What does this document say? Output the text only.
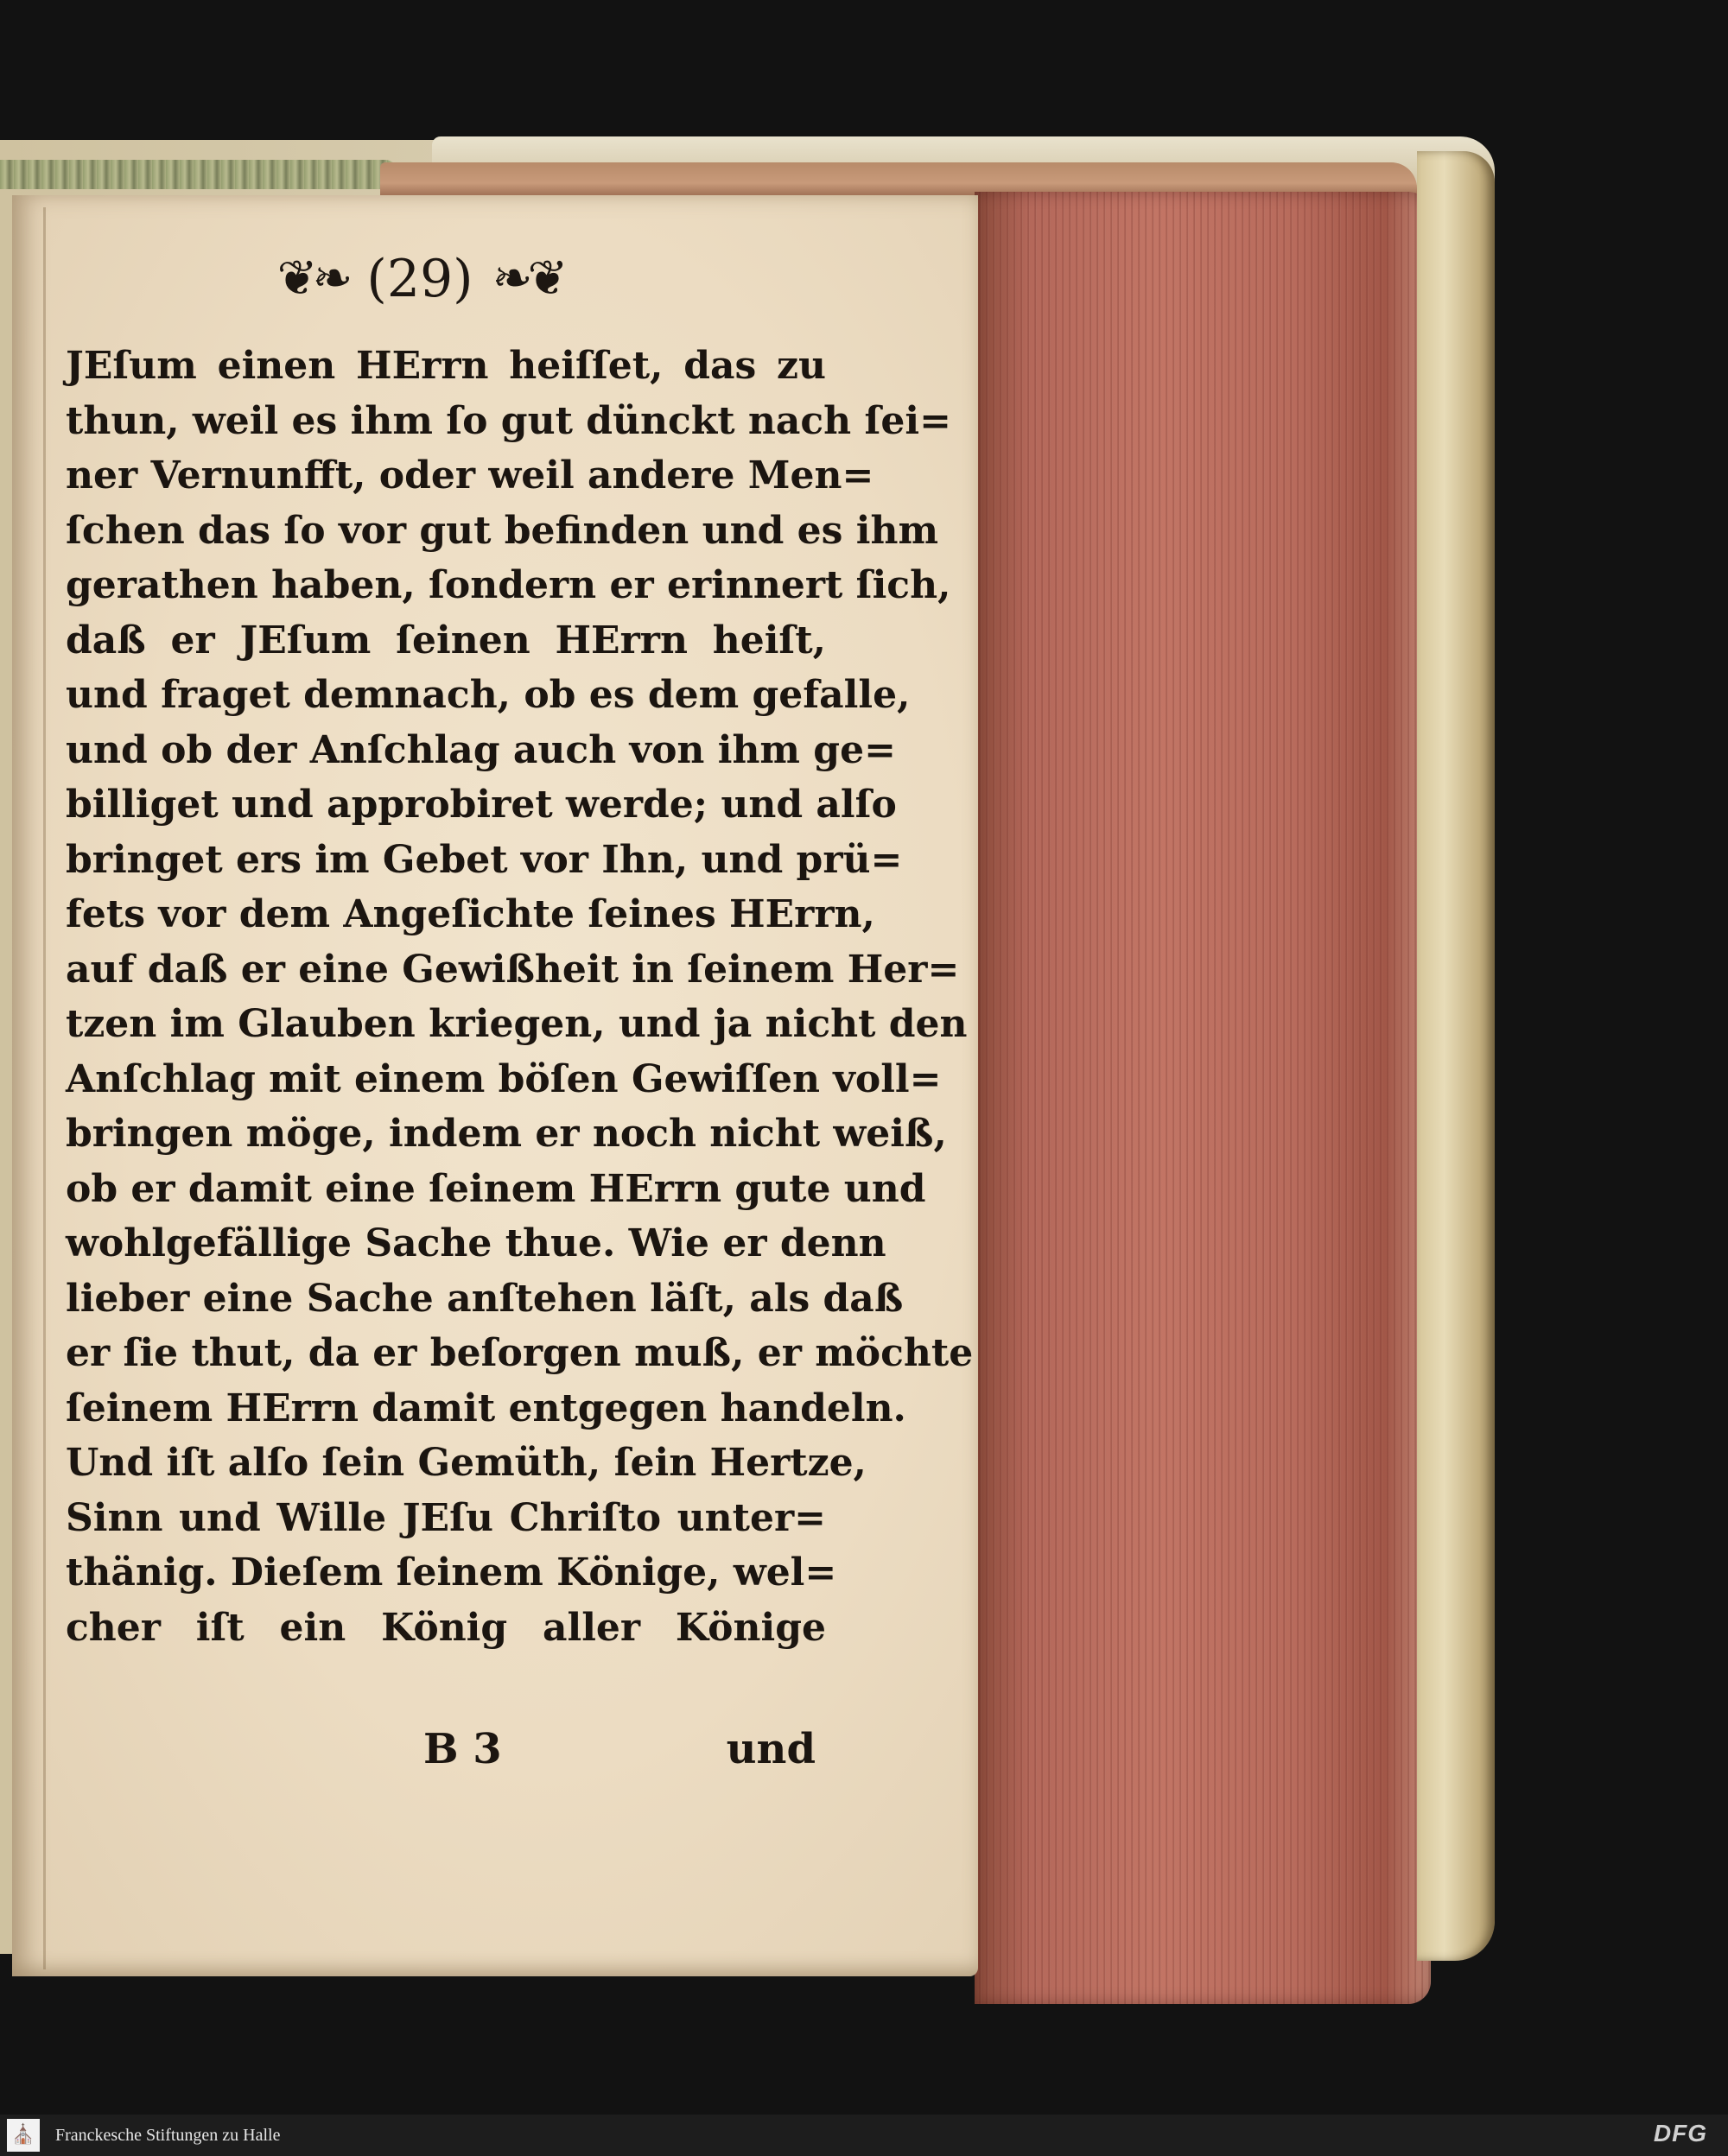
❦❧ (29) ❧❦
JEſum einen HErrn heiſſet, das zu
thun, weil es ihm ſo gut dünckt nach ſei=
ner Vernunfft, oder weil andere Men=
ſchen das ſo vor gut befinden und es ihm
gerathen haben, ſondern er erinnert ſich,
daß er JEſum ſeinen HErrn heiſt,
und fraget demnach, ob es dem gefalle,
und ob der Anſchlag auch von ihm ge=
billiget und approbiret werde; und alſo
bringet ers im Gebet vor Ihn, und prü=
fets vor dem Angeſichte ſeines HErrn,
auf daß er eine Gewißheit in ſeinem Her=
tzen im Glauben kriegen, und ja nicht den
Anſchlag mit einem böſen Gewiſſen voll=
bringen möge, indem er noch nicht weiß,
ob er damit eine ſeinem HErrn gute und
wohlgefällige Sache thue. Wie er denn
lieber eine Sache anſtehen läſt, als daß
er ſie thut, da er beſorgen muß, er möchte
ſeinem HErrn damit entgegen handeln.
Und iſt alſo ſein Gemüth, ſein Hertze,
Sinn und Wille JEſu Chriſto unter=
thänig. Dieſem ſeinem Könige, wel=
cher iſt ein König aller Könige
B 3	und
⛪ Franckesche Stiftungen zu Halle	DFG
